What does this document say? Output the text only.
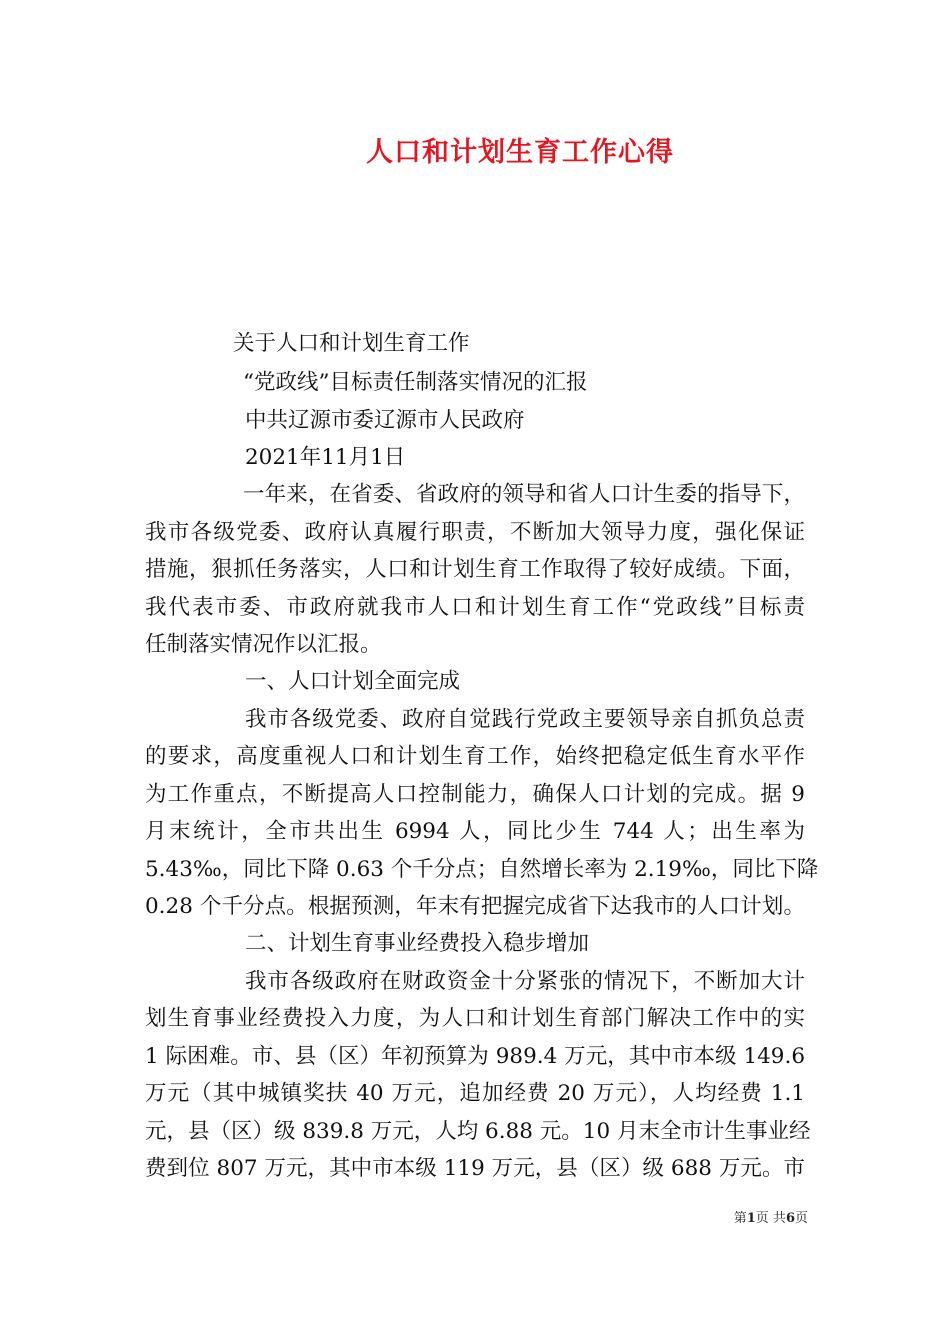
人口和计划生育工作心得
关于人口和计划生育工作
“党政线”目标责任制落实情况的汇报
中共辽源市委辽源市人民政府
2021年11月1日
一年来，在省委、省政府的领导和省人口计生委的指导下，
我市各级党委、政府认真履行职责，不断加大领导力度，强化保证
措施，狠抓任务落实，人口和计划生育工作取得了较好成绩。下面，
我代表市委、市政府就我市人口和计划生育工作“党政线”目标责
任制落实情况作以汇报。
一、人口计划全面完成
我市各级党委、政府自觉践行党政主要领导亲自抓负总责
的要求，高度重视人口和计划生育工作，始终把稳定低生育水平作
为工作重点，不断提高人口控制能力，确保人口计划的完成。据 9
月末统计，全市共出生 6994 人，同比少生 744 人；出生率为
5.43‰，同比下降 0.63 个千分点；自然增长率为 2.19‰，同比下降
0.28 个千分点。根据预测，年末有把握完成省下达我市的人口计划。
二、计划生育事业经费投入稳步增加
我市各级政府在财政资金十分紧张的情况下，不断加大计
划生育事业经费投入力度，为人口和计划生育部门解决工作中的实
1 际困难。市、县（区）年初预算为 989.4 万元，其中市本级 149.6
万元（其中城镇奖扶 40 万元，追加经费 20 万元），人均经费 1.1
元，县（区）级 839.8 万元，人均 6.88 元。10 月末全市计生事业经
费到位 807 万元，其中市本级 119 万元，县（区）级 688 万元。市
第1页 共6页
